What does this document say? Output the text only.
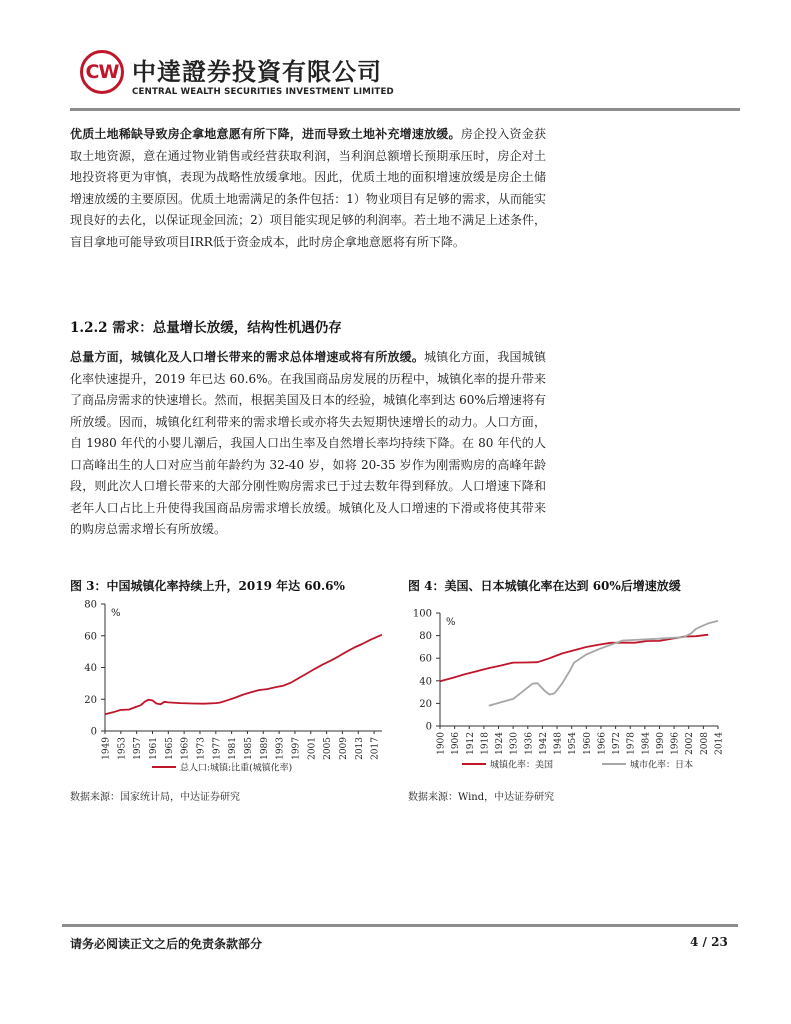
CW 中達證券投資有限公司
CENTRAL WEALTH SECURITIES INVESTMENT LIMITED
优质土地稀缺导致房企拿地意愿有所下降，进而导致土地补充增速放缓。房企投入资金获取土地资源，意在通过物业销售或经营获取利润，当利润总额增长预期承压时，房企对土地投资将更为审慎，表现为战略性放缓拿地。因此，优质土地的面积增速放缓是房企土储增速放缓的主要原因。优质土地需满足的条件包括：1）物业项目有足够的需求，从而能实现良好的去化，以保证现金回流；2）项目能实现足够的利润率。若土地不满足上述条件，盲目拿地可能导致项目IRR低于资金成本，此时房企拿地意愿将有所下降。
1.2.2 需求：总量增长放缓，结构性机遇仍存
总量方面，城镇化及人口增长带来的需求总体增速或将有所放缓。城镇化方面，我国城镇化率快速提升，2019 年已达 60.6%。在我国商品房发展的历程中，城镇化率的提升带来了商品房需求的快速增长。然而，根据美国及日本的经验，城镇化率到达 60%后增速将有所放缓。因而，城镇化红利带来的需求增长或亦将失去短期快速增长的动力。人口方面，自 1980 年代的小婴儿潮后，我国人口出生率及自然增长率均持续下降。在 80 年代的人口高峰出生的人口对应当前年龄约为 32-40 岁，如将 20-35 岁作为刚需购房的高峰年龄段，则此次人口增长带来的大部分刚性购房需求已于过去数年得到释放。人口增速下降和老年人口占比上升使得我国商品房需求增长放缓。城镇化及人口增速的下滑或将使其带来的购房总需求增长有所放缓。
图 3：中国城镇化率持续上升，2019 年达 60.6%
0
20
40
60
80
%
1949 1953 1957 1961 1965 1969 1973 1977 1981 1985 1989 1993 1997 2001 2005 2009 2013 2017
总人口:城镇:比重(城镇化率)
数据来源：国家统计局，中达证券研究
图 4：美国、日本城镇化率在达到 60%后增速放缓
0
20
40
60
80
100
%
1900 1906 1912 1918 1924 1930 1936 1942 1948 1954 1960 1966 1972 1978 1984 1990 1996 2002 2008 2014
城镇化率：美国	城市化率：日本
数据来源：Wind，中达证券研究
请务必阅读正文之后的免责条款部分	4 / 23
